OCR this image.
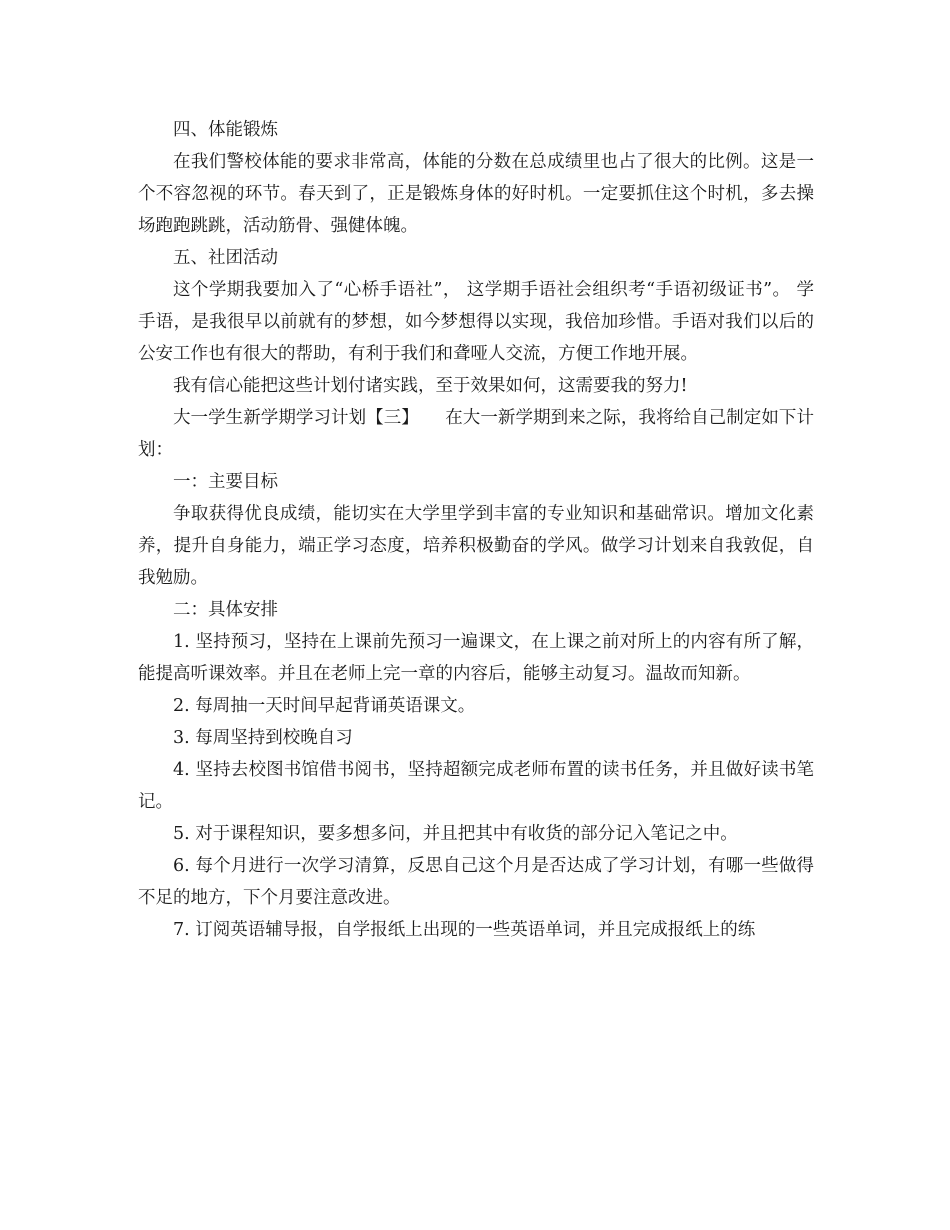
四、体能锻炼

在我们警校体能的要求非常高，体能的分数在总成绩里也占了很大的比例。这是一个不容忽视的环节。春天到了，正是锻炼身体的好时机。一定要抓住这个时机，多去操场跑跑跳跳，活动筋骨、强健体魄。

五、社团活动

这个学期我要加入了“心桥手语社”， 这学期手语社会组织考“手语初级证书”。 学手语，是我很早以前就有的梦想，如今梦想得以实现，我倍加珍惜。手语对我们以后的公安工作也有很大的帮助，有利于我们和聋哑人交流，方便工作地开展。

我有信心能把这些计划付诸实践，至于效果如何，这需要我的努力!

大一学生新学期学习计划【三】　　在大一新学期到来之际，我将给自己制定如下计划：

一：主要目标

争取获得优良成绩，能切实在大学里学到丰富的专业知识和基础常识。增加文化素养，提升自身能力，端正学习态度，培养积极勤奋的学风。做学习计划来自我敦促，自我勉励。

二：具体安排

1. 坚持预习，坚持在上课前先预习一遍课文，在上课之前对所上的内容有所了解，能提高听课效率。并且在老师上完一章的内容后，能够主动复习。温故而知新。

2. 每周抽一天时间早起背诵英语课文。

3. 每周坚持到校晚自习

4. 坚持去校图书馆借书阅书，坚持超额完成老师布置的读书任务，并且做好读书笔记。

5. 对于课程知识，要多想多问，并且把其中有收货的部分记入笔记之中。

6. 每个月进行一次学习清算，反思自己这个月是否达成了学习计划，有哪一些做得不足的地方，下个月要注意改进。

7. 订阅英语辅导报，自学报纸上出现的一些英语单词，并且完成报纸上的练
